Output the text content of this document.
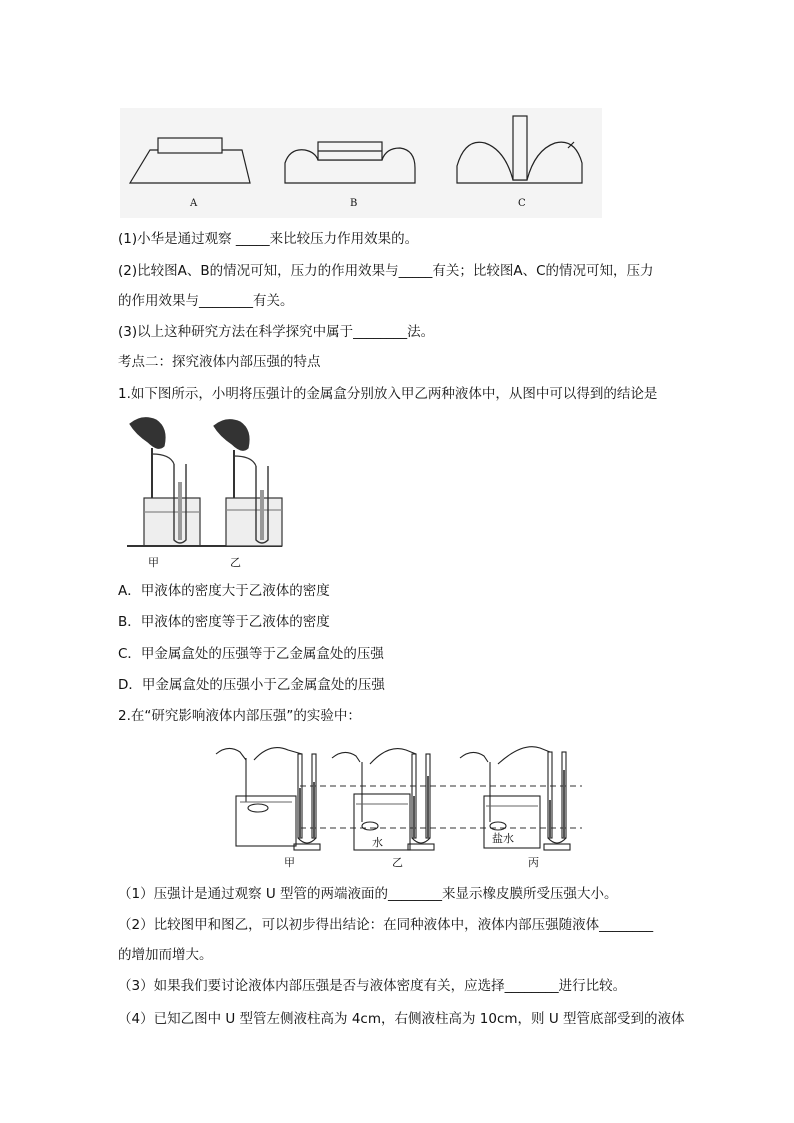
A	B	C
(1)小华是通过观察 _____来比较压力作用效果的。
(2)比较图A、B的情况可知，压力的作用效果与_____有关；比较图A、C的情况可知，压力
的作用效果与________有关。
(3)以上这种研究方法在科学探究中属于________法。
考点二：探究液体内部压强的特点
1.如下图所示，小明将压强计的金属盒分别放入甲乙两种液体中，从图中可以得到的结论是
甲	乙
A．甲液体的密度大于乙液体的密度
B．甲液体的密度等于乙液体的密度
C．甲金属盒处的压强等于乙金属盒处的压强
D．甲金属盒处的压强小于乙金属盒处的压强
2.在“研究影响液体内部压强”的实验中：
水	盐水
甲	乙	丙
（1）压强计是通过观察 U 型管的两端液面的________来显示橡皮膜所受压强大小。
（2）比较图甲和图乙，可以初步得出结论：在同种液体中，液体内部压强随液体________
的增加而增大。
（3）如果我们要讨论液体内部压强是否与液体密度有关，应选择________进行比较。
（4）已知乙图中 U 型管左侧液柱高为 4cm，右侧液柱高为 10cm，则 U 型管底部受到的液体
